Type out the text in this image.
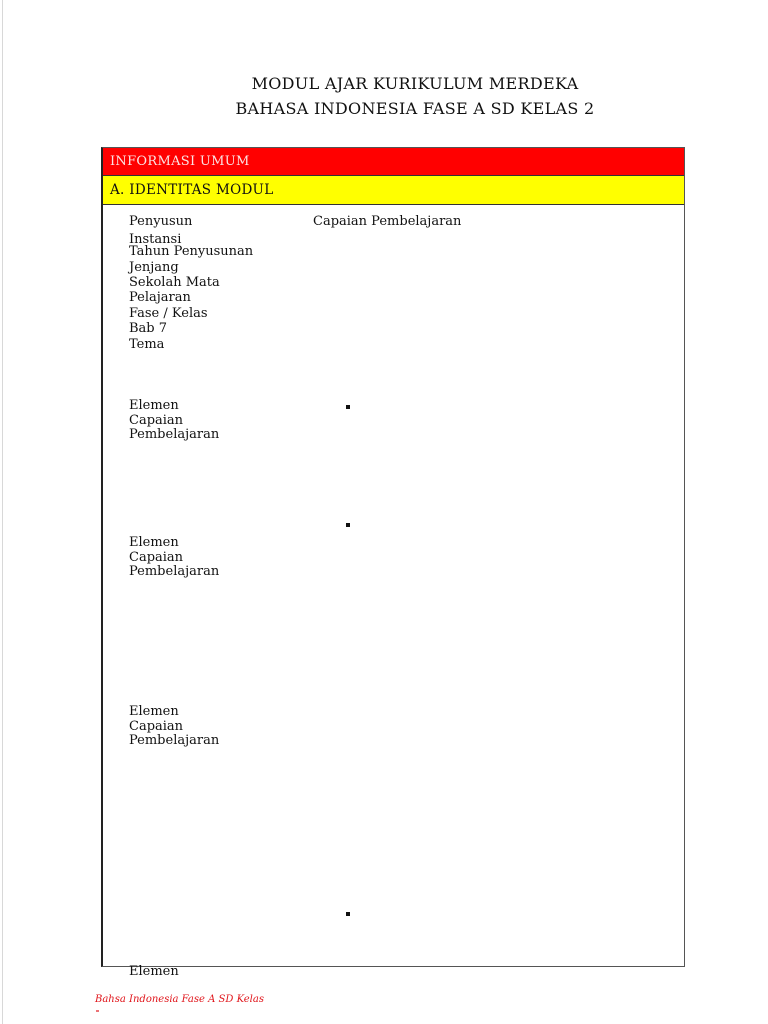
MODUL AJAR KURIKULUM MERDEKA
BAHASA INDONESIA FASE A SD KELAS 2
INFORMASI UMUM
A. IDENTITAS MODUL
Capaian Pembelajaran
Penyusun
Instansi
Tahun Penyusunan
Jenjang
Sekolah Mata
Pelajaran
Fase / Kelas
Bab 7
Tema
Elemen
Capaian
Pembelajaran
Elemen
Capaian
Pembelajaran
Elemen
Capaian
Pembelajaran
Elemen
Bahsa Indonesia Fase A SD Kelas
